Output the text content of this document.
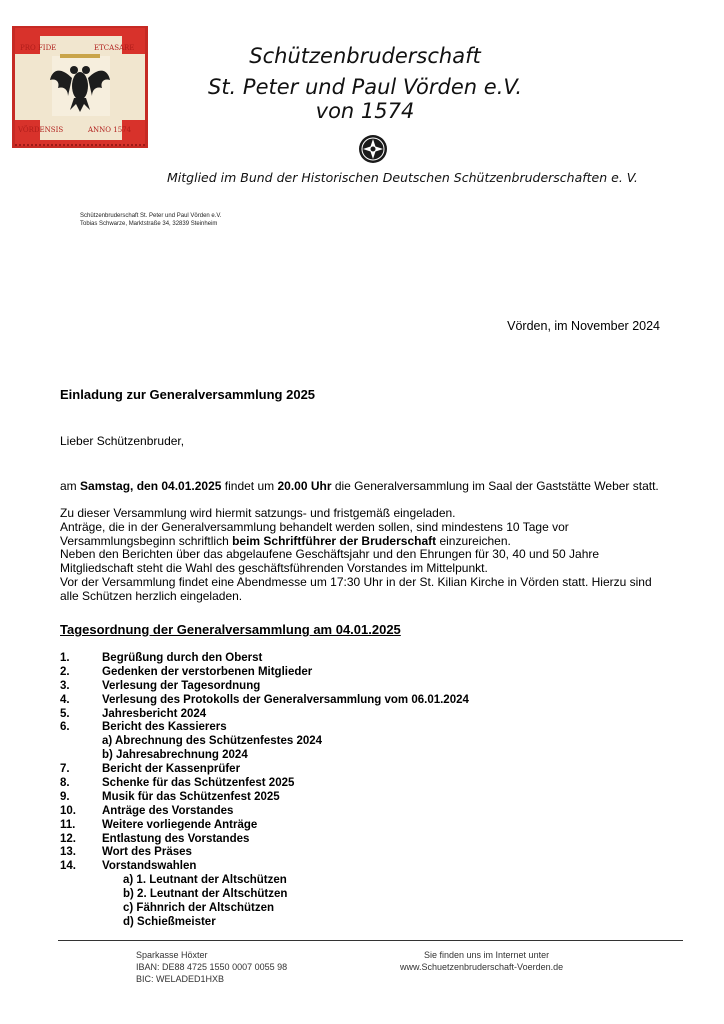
PRO FIDE	ETCASARE
VÖRDENSIS	ANNO 1574
Schützenbruderschaft
St. Peter und Paul Vörden e.V.
von 1574
Mitglied im Bund der Historischen Deutschen Schützenbruderschaften e. V.
Schützenbruderschaft St. Peter und Paul Vörden e.V.
Tobias Schwarze, Marktstraße 34, 32839 Steinheim
Vörden, im November 2024
Einladung zur Generalversammlung 2025
Lieber Schützenbruder,
am Samstag, den 04.01.2025 findet um 20.00 Uhr die Generalversammlung im Saal der Gaststätte Weber statt.
Zu dieser Versammlung wird hiermit satzungs- und fristgemäß eingeladen.
Anträge, die in der Generalversammlung behandelt werden sollen, sind mindestens 10 Tage vor
Versammlungsbeginn schriftlich beim Schriftführer der Bruderschaft einzureichen.
Neben den Berichten über das abgelaufene Geschäftsjahr und den Ehrungen für 30, 40 und 50 Jahre
Mitgliedschaft steht die Wahl des geschäftsführenden Vorstandes im Mittelpunkt.
Vor der Versammlung findet eine Abendmesse um 17:30 Uhr in der St. Kilian Kirche in Vörden statt. Hierzu sind
alle Schützen herzlich eingeladen.
Tagesordnung der Generalversammlung am 04.01.2025
1.	Begrüßung durch den Oberst
2.	Gedenken der verstorbenen Mitglieder
3.	Verlesung der Tagesordnung
4.	Verlesung des Protokolls der Generalversammlung vom 06.01.2024
5.	Jahresbericht 2024
6.	Bericht des Kassierers
a) Abrechnung des Schützenfestes 2024
b) Jahresabrechnung 2024
7.	Bericht der Kassenprüfer
8.	Schenke für das Schützenfest 2025
9.	Musik für das Schützenfest 2025
10. Anträge des Vorstandes
11. Weitere vorliegende Anträge
12. Entlastung des Vorstandes
13. Wort des Präses
14. Vorstandswahlen
a) 1. Leutnant der Altschützen
b) 2. Leutnant der Altschützen
c) Fähnrich der Altschützen
d) Schießmeister
Sparkasse Höxter
IBAN: DE88 4725 1550 0007 0055 98
BIC: WELADED1HXB
Sie finden uns im Internet unter
www.Schuetzenbruderschaft-Voerden.de
